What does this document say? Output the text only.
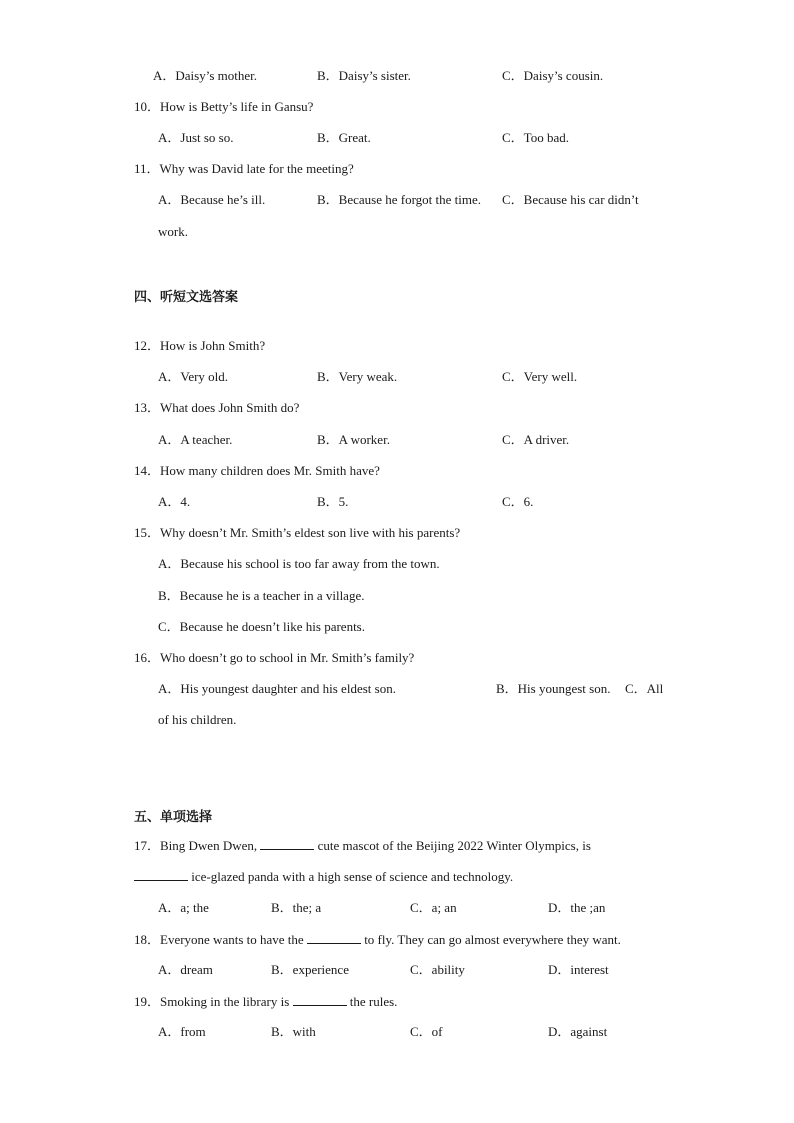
A．Daisy’s mother.	B．Daisy’s sister.	C．Daisy’s cousin.
10．How is Betty’s life in Gansu?
A．Just so so.	B．Great.	C．Too bad.
11．Why was David late for the meeting?
A．Because he’s ill.	B．Because he forgot the time. C．Because his car didn’t
work.
四、听短文选答案
12．How is John Smith?
A．Very old.	B．Very weak.	C．Very well.
13．What does John Smith do?
A．A teacher.	B．A worker.	C．A driver.
14．How many children does Mr. Smith have?
A．4.	B．5.	C．6.
15．Why doesn’t Mr. Smith’s eldest son live with his parents?
A．Because his school is too far away from the town.
B．Because he is a teacher in a village.
C．Because he doesn’t like his parents.
16．Who doesn’t go to school in Mr. Smith’s family?
A．His youngest daughter and his eldest son.	B．His youngest son. C．All
of his children.
五、单项选择
17．Bing Dwen Dwen,	cute mascot of the Beijing 2022 Winter Olympics, is
ice-glazed panda with a high sense of science and technology.
A．a; the	B．the; a	C．a; an	D．the ;an
18．Everyone wants to have the	to fly. They can go almost everywhere they want.
A．dream	B．experience	C．ability	D．interest
19．Smoking in the library is	the rules.
A．from	B．with	C．of	D．against
